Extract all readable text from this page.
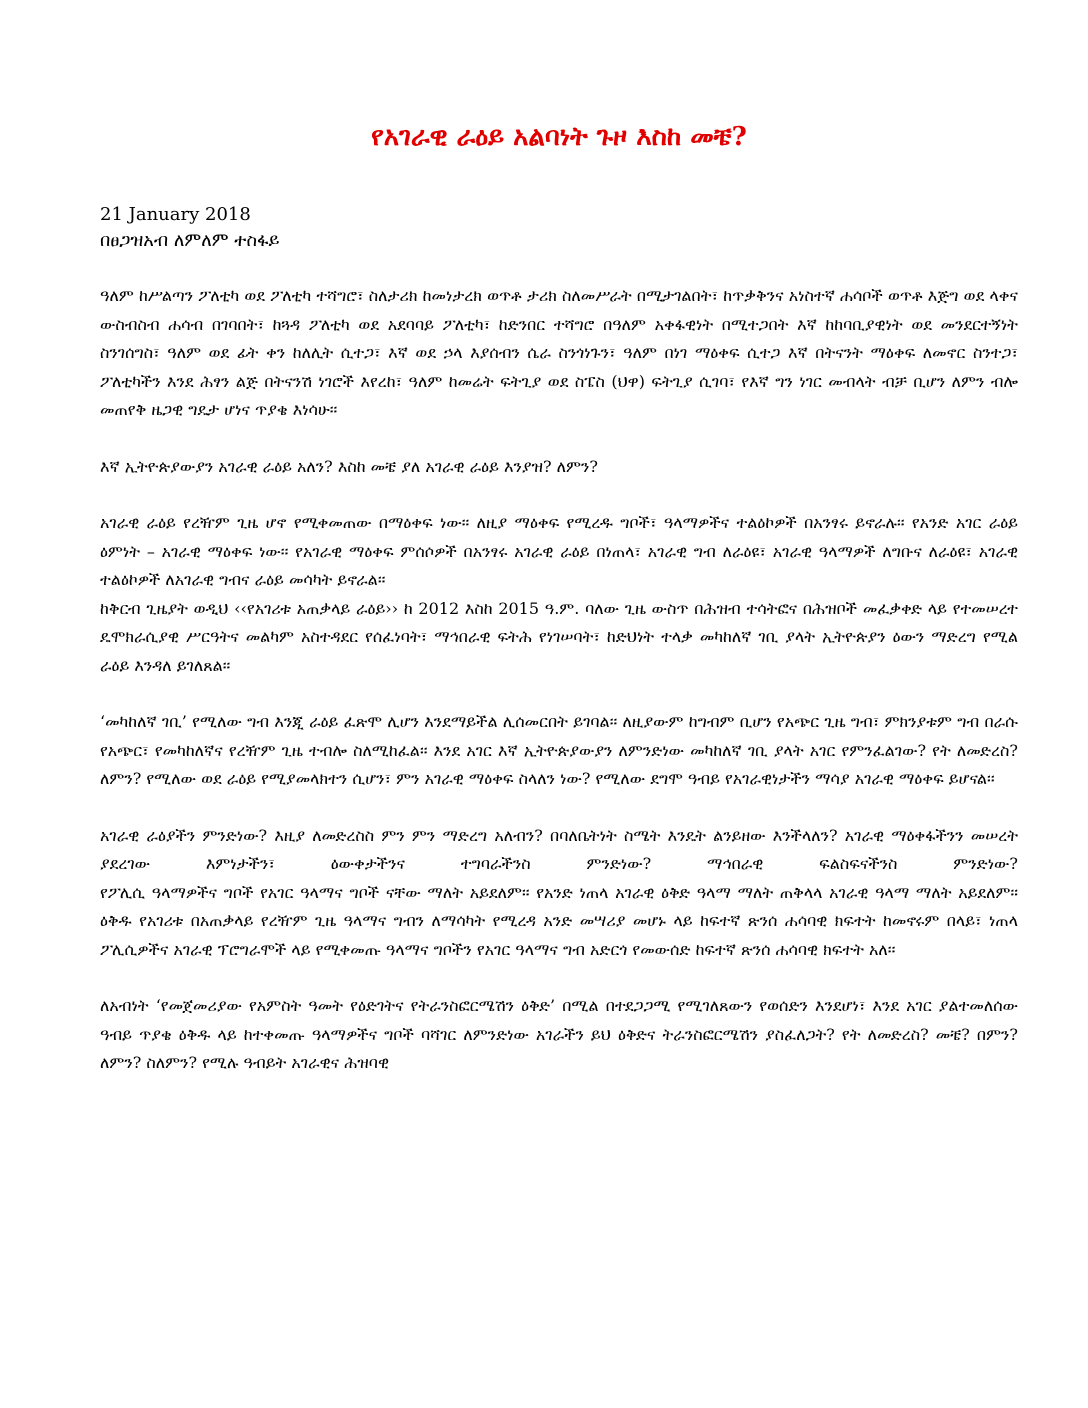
የአገራዊ ራዕይ አልባነት ጉዞ እስከ መቼ?
21 January 2018
በፀጋዝአብ ለምለም ተስፋይ

ዓለም ከሥልጣን ፖለቲካ ወደ ፖለቲካ ተሻግሮ፣ ስለታሪክ ከመነታረክ ወጥቶ ታሪክ ስለመሥራት በሚታገልበት፣ ከጥቃቅንና አነስተኛ ሐሳቦች ወጥቶ እጅግ ወደ ላቀና ውስብስብ ሐሳብ በገባበት፣ ከጓዳ ፖለቲካ ወደ አደባባይ ፖለቲካ፣ ከድንበር ተሻግሮ በዓለም አቀፋዊነት በሚተጋበት እኛ ከከባቢያዊነት ወደ መንደርተኝነት ስንገሰግስ፣ ዓለም ወደ ፊት ቀን ከለሊት ሲተጋ፣ እኛ ወደ ኃላ እያሰብን ሴራ ስንጎነጉን፣ ዓለም በነገ ማዕቀፍ ሲተጋ እኛ በትናንት ማዕቀፍ ለመኖር ስንተጋ፣ ፖለቲካችን እንደ ሕፃን ልጅ በትናንሽ ነገሮች እየረከ፣ ዓለም ከመሬት ፍትጊያ ወደ ስፔስ (ህዋ) ፍትጊያ ሲገባ፣ የእኛ ግን ነገር መብላት ብቻ ቢሆን ለምን ብሎ መጠየቅ ዜጋዊ ግዴታ ሆነና ጥያቄ እነሳሁ፡፡

እኛ ኢትዮጵያውያን አገራዊ ራዕይ አለን? እስከ መቼ ያለ አገራዊ ራዕይ እንያዝ? ለምን?

አገራዊ ራዕይ የረዥም ጊዜ ሆኖ የሚቀመጠው በማዕቀፍ ነው፡፡ ለዚያ ማዕቀፍ የሚረዱ ግቦች፣ ዓላማዎችና ተልዕኮዎች በአንፃሩ ይኖራሉ፡፡ የአንድ አገር ራዕይ ዕምነት – አገራዊ ማዕቀፍ ነው፡፡ የአገራዊ ማዕቀፍ ምሰሶዎች በአንፃሩ አገራዊ ራዕይ በነጠላ፣ አገራዊ ግብ ለራዕዩ፣ አገራዊ ዓላማዎች ለግቡና ለራዕዩ፣ አገራዊ ተልዕኮዎች ለአገራዊ ግብና ራዕይ መሳካት ይኖራል፡፡

ከቅርብ ጊዜያት ወዲህ ‹‹የአገሪቱ አጠቃላይ ራዕይ›› ከ 2012 እስከ 2015 ዓ.ም. ባለው ጊዜ ውስጥ በሕዝብ ተሳትፎና በሕዝቦች መፈቃቀድ ላይ የተመሠረተ ዴሞክራሲያዊ ሥርዓትና መልካም አስተዳደር የሰፈነባት፣ ማኅበራዊ ፍትሕ የነገሠባት፣ ከድህነት ተላቃ መካከለኛ ገቢ ያላት ኢትዮጵያን ዕውን ማድረግ የሚል ራዕይ እንዳለ ይገለጸል፡፡

‘መካከለኛ ገቢ’ የሚለው ግብ እንጂ ራዕይ ፈጽሞ ሊሆን እንደማይችል ሊሰመርበት ይገባል፡፡ ለዚያውም ከግብም ቢሆን የአጭር ጊዜ ግብ፣ ምክንያቱም ግብ በራሱ የአጭር፣ የመካከለኛና የረዥም ጊዜ ተብሎ ስለሚከፈል፡፡ እንደ አገር እኛ ኢትዮጵያውያን ለምንድነው መካከለኛ ገቢ ያላት አገር የምንፈልገው? የት ለመድረስ? ለምን? የሚለው ወደ ራዕይ የሚያመላክተን ሲሆን፣ ምን አገራዊ ማዕቀፍ ስላለን ነው? የሚለው ደግሞ ዓብይ የአገራዊነታችን ማሳያ አገራዊ ማዕቀፍ ይሆናል፡፡

አገራዊ ራዕያችን ምንድነው? እዚያ ለመድረስስ ምን ምን ማድረግ አለብን? በባለቤትነት ስሜት እንዴት ልንይዘው እንችላለን? አገራዊ ማዕቀፋችንን መሠረት ያደረገው እምነታችን፣ ዕውቀታችንና ተግባራችንስ ምንድነው? ማኅበራዊ ፍልስፍናችንስ ምንድነው?

የፖሊሲ ዓላማዎችና ግቦች የአገር ዓላማና ግቦች ናቸው ማለት አይደለም፡፡ የአንድ ነጠላ አገራዊ ዕቅድ ዓላማ ማለት ጠቅላላ አገራዊ ዓላማ ማለት አይደለም፡፡ ዕቅዱ የአገሪቱ በአጠቃላይ የረዥም ጊዜ ዓላማና ግብን ለማሳካት የሚረዳ አንድ መሣሪያ መሆኑ ላይ ከፍተኛ ጽንሰ ሐሳባዊ ክፍተት ከመኖሩም በላይ፣ ነጠላ ፖሊሲዎችና አገራዊ ፕሮግራሞች ላይ የሚቀመጡ ዓላማና ግቦችን የአገር ዓላማና ግብ አድርጎ የመውሰድ ከፍተኛ ጽንሰ ሐሳባዊ ክፍተት አለ፡፡

ለአብነት ‘የመጀመሪያው የአምስት ዓመት የዕድገትና የትራንስፎርሜሽን ዕቅድ’ በሚል በተደጋጋሚ የሚገለጸውን የወሰድን እንደሆነ፣ እንደ አገር ያልተመለሰው ዓብይ ጥያቄ ዕቅዱ ላይ ከተቀመጡ ዓላማዎችና ግቦች ባሻገር ለምንድነው አገራችን ይህ ዕቅድና ትራንስፎርሜሽን ያስፈለጋት? የት ለመድረስ? መቼ? በምን? ለምን? ስለምን? የሚሉ ዓብይት አገራዊና ሕዝባዊ
